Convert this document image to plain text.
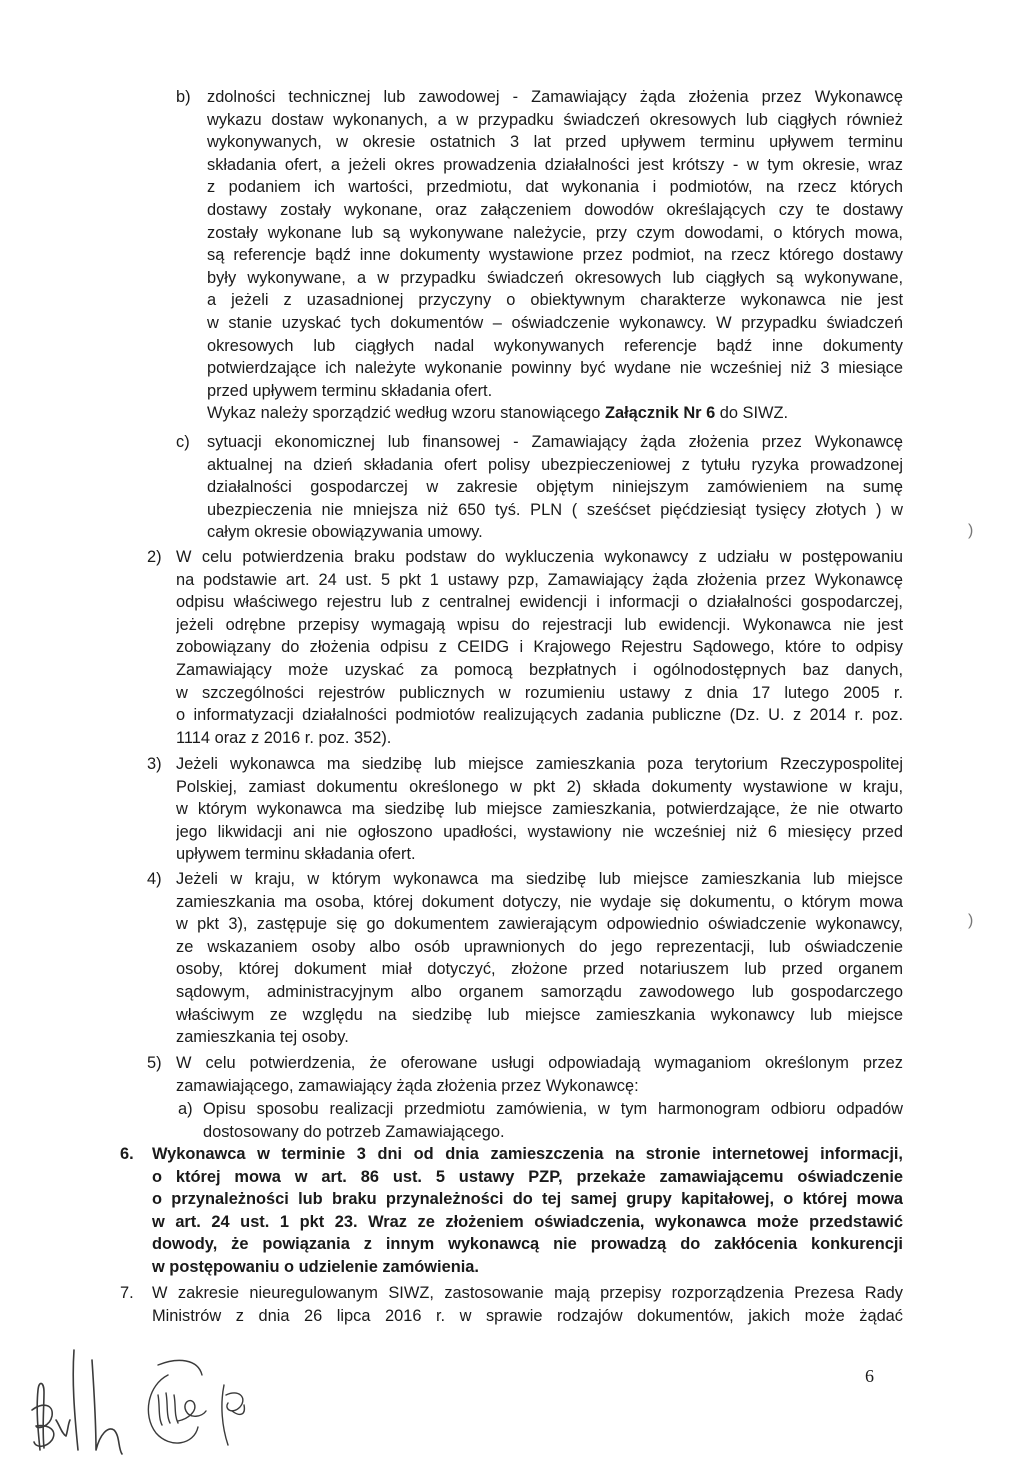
b) zdolności technicznej lub zawodowej - Zamawiający żąda złożenia przez Wykonawcę
wykazu dostaw wykonanych, a w przypadku świadczeń okresowych lub ciągłych również
wykonywanych, w okresie ostatnich 3 lat przed upływem terminu upływem terminu
składania ofert, a jeżeli okres prowadzenia działalności jest krótszy - w tym okresie, wraz
z podaniem ich wartości, przedmiotu, dat wykonania i podmiotów, na rzecz których
dostawy zostały wykonane, oraz załączeniem dowodów określających czy te dostawy
zostały wykonane lub są wykonywane należycie, przy czym dowodami, o których mowa,
są referencje bądź inne dokumenty wystawione przez podmiot, na rzecz którego dostawy
były wykonywane, a w przypadku świadczeń okresowych lub ciągłych są wykonywane,
a jeżeli z uzasadnionej przyczyny o obiektywnym charakterze wykonawca nie jest
w stanie uzyskać tych dokumentów – oświadczenie wykonawcy. W przypadku świadczeń
okresowych lub ciągłych nadal wykonywanych referencje bądź inne dokumenty
potwierdzające ich należyte wykonanie powinny być wydane nie wcześniej niż 3 miesiące
przed upływem terminu składania ofert.
Wykaz należy sporządzić według wzoru stanowiącego Załącznik Nr 6 do SIWZ.
c) sytuacji ekonomicznej lub finansowej - Zamawiający żąda złożenia przez Wykonawcę
aktualnej na dzień składania ofert polisy ubezpieczeniowej z tytułu ryzyka prowadzonej
działalności gospodarczej w zakresie objętym niniejszym zamówieniem na sumę
ubezpieczenia nie mniejsza niż 650 tyś. PLN ( sześćset pięćdziesiąt tysięcy złotych ) w
całym okresie obowiązywania umowy.
2) W celu potwierdzenia braku podstaw do wykluczenia wykonawcy z udziału w postępowaniu
na podstawie art. 24 ust. 5 pkt 1 ustawy pzp, Zamawiający żąda złożenia przez Wykonawcę
odpisu właściwego rejestru lub z centralnej ewidencji i informacji o działalności gospodarczej,
jeżeli odrębne przepisy wymagają wpisu do rejestracji lub ewidencji. Wykonawca nie jest
zobowiązany do złożenia odpisu z CEIDG i Krajowego Rejestru Sądowego, które to odpisy
Zamawiający może uzyskać za pomocą bezpłatnych i ogólnodostępnych baz danych,
w szczególności rejestrów publicznych w rozumieniu ustawy z dnia 17 lutego 2005 r.
o informatyzacji działalności podmiotów realizujących zadania publiczne (Dz. U. z 2014 r. poz.
1114 oraz z 2016 r. poz. 352).
3) Jeżeli wykonawca ma siedzibę lub miejsce zamieszkania poza terytorium Rzeczypospolitej
Polskiej, zamiast dokumentu określonego w pkt 2) składa dokumenty wystawione w kraju,
w którym wykonawca ma siedzibę lub miejsce zamieszkania, potwierdzające, że nie otwarto
jego likwidacji ani nie ogłoszono upadłości, wystawiony nie wcześniej niż 6 miesięcy przed
upływem terminu składania ofert.
4) Jeżeli w kraju, w którym wykonawca ma siedzibę lub miejsce zamieszkania lub miejsce
zamieszkania ma osoba, której dokument dotyczy, nie wydaje się dokumentu, o którym mowa
w pkt 3), zastępuje się go dokumentem zawierającym odpowiednio oświadczenie wykonawcy,
ze wskazaniem osoby albo osób uprawnionych do jego reprezentacji, lub oświadczenie
osoby, której dokument miał dotyczyć, złożone przed notariuszem lub przed organem
sądowym, administracyjnym albo organem samorządu zawodowego lub gospodarczego
właściwym ze względu na siedzibę lub miejsce zamieszkania wykonawcy lub miejsce
zamieszkania tej osoby.
5) W celu potwierdzenia, że oferowane usługi odpowiadają wymaganiom określonym przez
zamawiającego, zamawiający żąda złożenia przez Wykonawcę:
a) Opisu sposobu realizacji przedmiotu zamówienia, w tym harmonogram odbioru odpadów
dostosowany do potrzeb Zamawiającego.
6. Wykonawca w terminie 3 dni od dnia zamieszczenia na stronie internetowej informacji,
o której mowa w art. 86 ust. 5 ustawy PZP, przekaże zamawiającemu oświadczenie
o przynależności lub braku przynależności do tej samej grupy kapitałowej, o której mowa
w art. 24 ust. 1 pkt 23. Wraz ze złożeniem oświadczenia, wykonawca może przedstawić
dowody, że powiązania z innym wykonawcą nie prowadzą do zakłócenia konkurencji
w postępowaniu o udzielenie zamówienia.
7. W zakresie nieuregulowanym SIWZ, zastosowanie mają przepisy rozporządzenia Prezesa Rady
Ministrów z dnia 26 lipca 2016 r. w sprawie rodzajów dokumentów, jakich może żądać
)
)
6
